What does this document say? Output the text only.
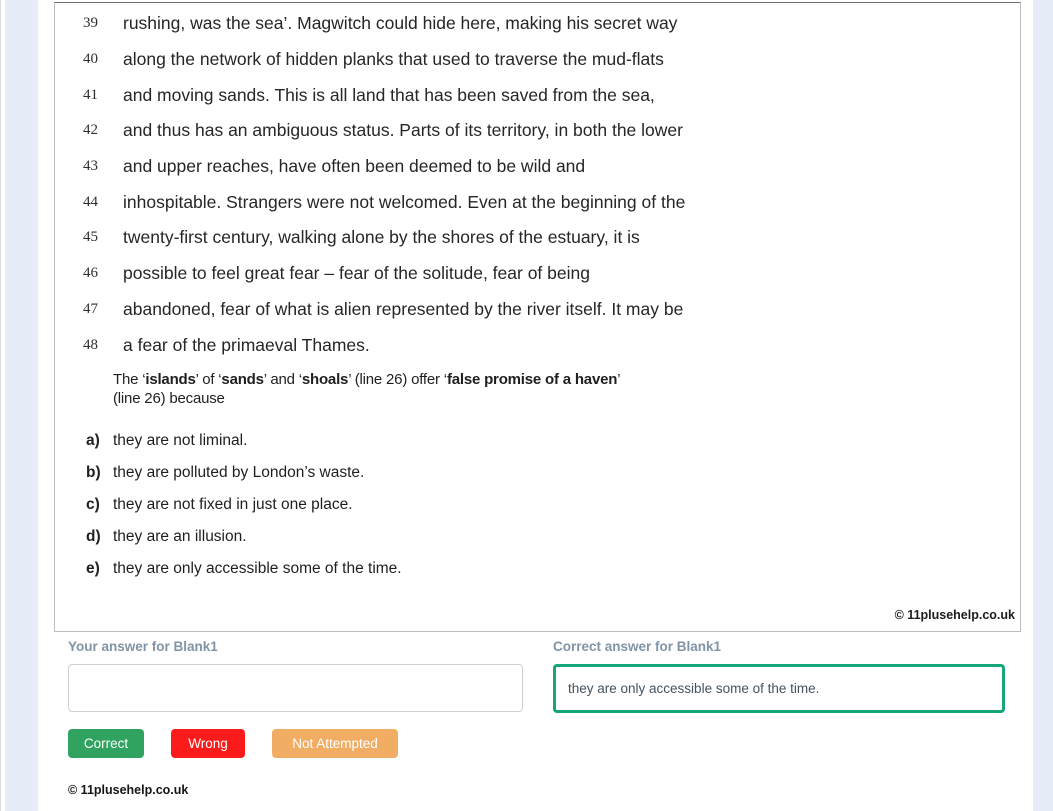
39 rushing, was the sea’. Magwitch could hide here, making his secret way
40 along the network of hidden planks that used to traverse the mud-flats
41 and moving sands. This is all land that has been saved from the sea,
42 and thus has an ambiguous status. Parts of its territory, in both the lower
43 and upper reaches, have often been deemed to be wild and
44 inhospitable. Strangers were not welcomed. Even at the beginning of the
45 twenty-first century, walking alone by the shores of the estuary, it is
46 possible to feel great fear – fear of the solitude, fear of being
47 abandoned, fear of what is alien represented by the river itself. It may be
48 a fear of the primaeval Thames.
The ‘islands’ of ‘sands’ and ‘shoals’ (line 26) offer ‘false promise of a haven’
(line 26) because
a) they are not liminal.
b) they are polluted by London’s waste.
c) they are not fixed in just one place.
d) they are an illusion.
e) they are only accessible some of the time.
© 11plusehelp.co.uk
Your answer for Blank1	Correct answer for Blank1
they are only accessible some of the time.
Correct	Wrong	Not Attempted
© 11plusehelp.co.uk
